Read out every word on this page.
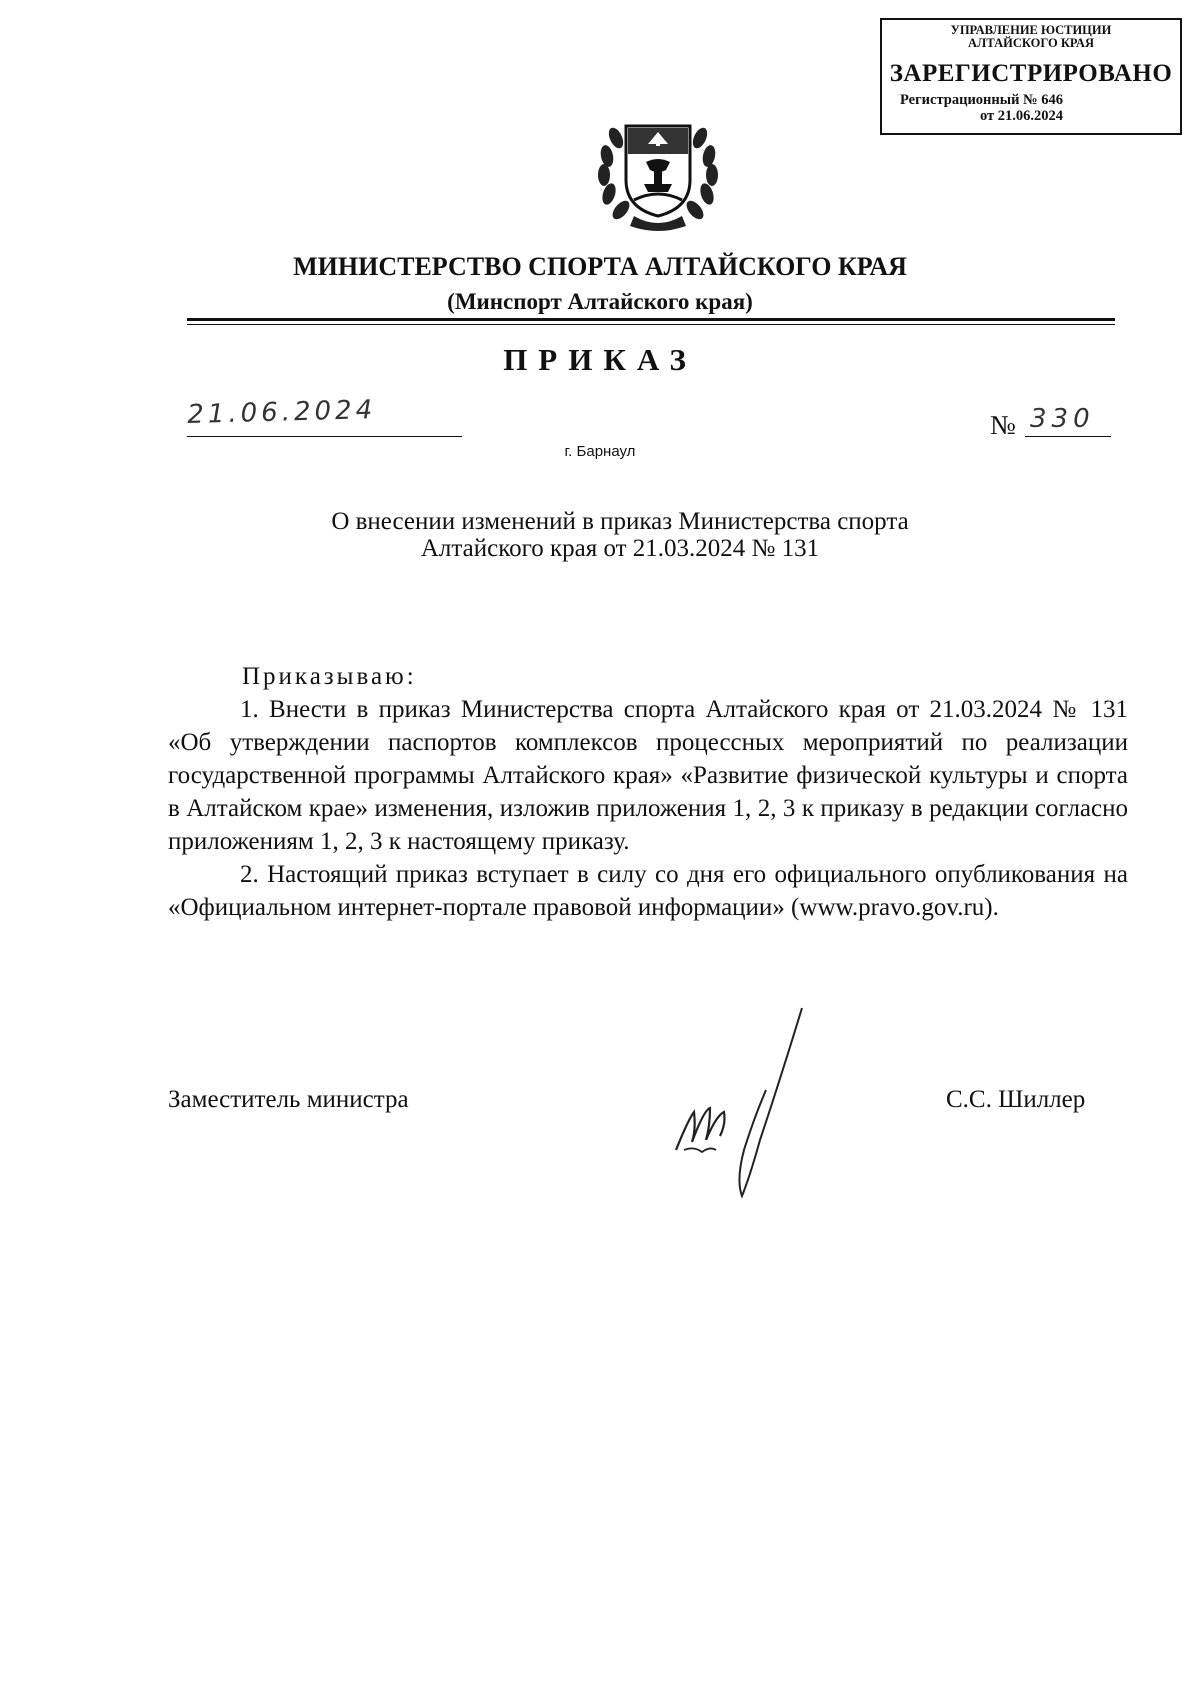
УПРАВЛЕНИЕ ЮСТИЦИИ
АЛТАЙСКОГО КРАЯ
ЗАРЕГИСТРИРОВАНО
Регистрационный № 646
от 21.06.2024
МИНИСТЕРСТВО СПОРТА АЛТАЙСКОГО КРАЯ
(Минспорт Алтайского края)
ПРИКАЗ
21.06.2024	№ 330
г. Барнаул
О внесении изменений в приказ Министерства спорта
Алтайского края от 21.03.2024 № 131

Приказываю:

1. Внести в приказ Министерства спорта Алтайского края от 21.03.2024 № 131 «Об утверждении паспортов комплексов процессных мероприятий по реализации государственной программы Алтайского края» «Развитие физической культуры и спорта в Алтайском крае» изменения, изложив приложения 1, 2, 3 к приказу в редакции согласно приложениям 1, 2, 3 к настоящему приказу.

2. Настоящий приказ вступает в силу со дня его официального опубликования на «Официальном интернет-портале правовой информации» (www.pravo.gov.ru).

Заместитель министра	С.С. Шиллер
